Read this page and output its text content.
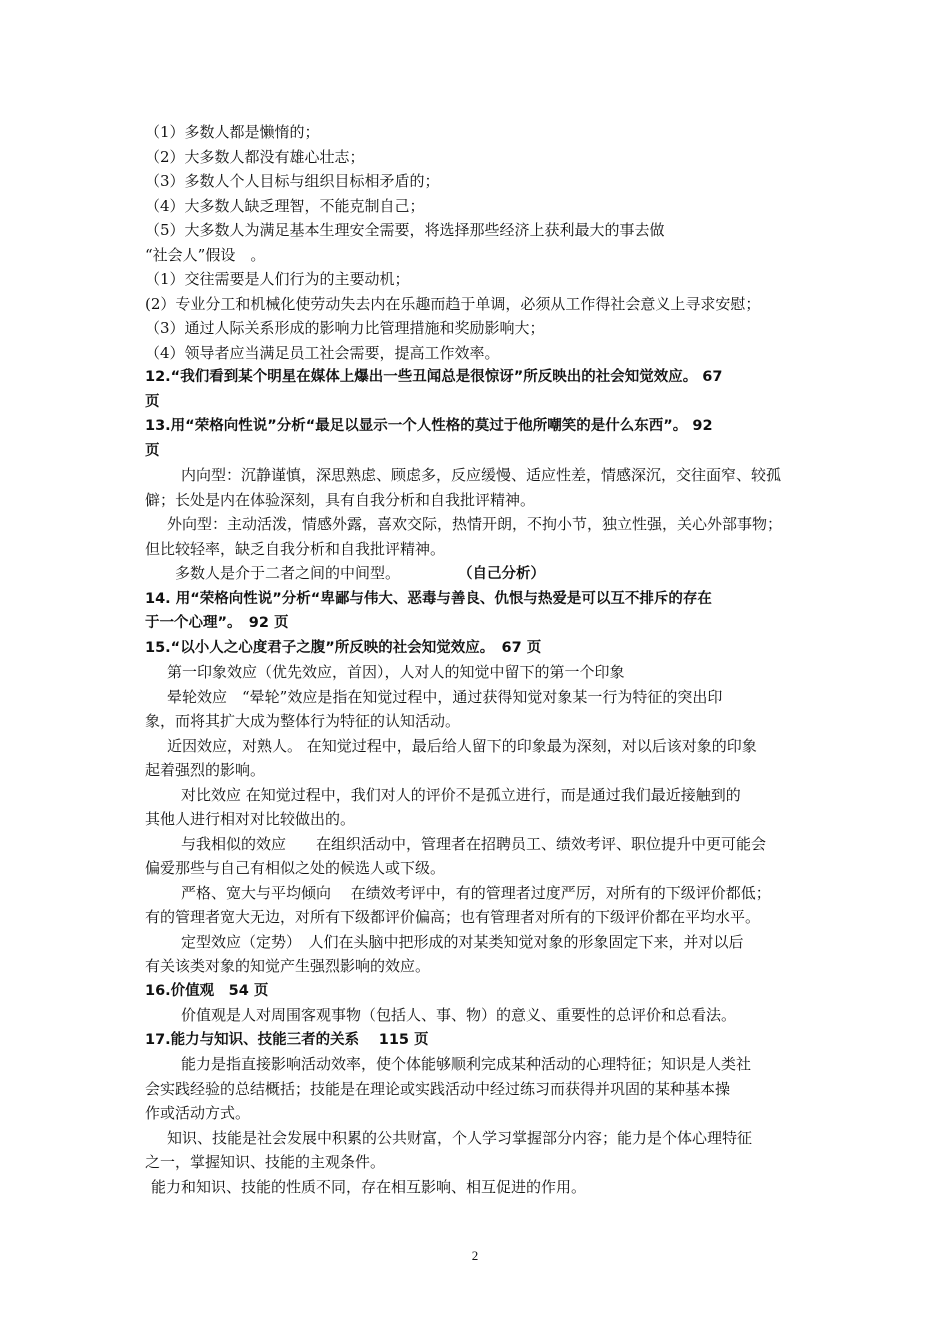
（1）多数人都是懒惰的；

（2）大多数人都没有雄心壮志；

（3）多数人个人目标与组织目标相矛盾的；

（4）大多数人缺乏理智，不能克制自己；

（5）大多数人为满足基本生理安全需要，将选择那些经济上获利最大的事去做

“社会人”假设　。

（1）交往需要是人们行为的主要动机；

(2）专业分工和机械化使劳动失去内在乐趣而趋于单调，必须从工作得社会意义上寻求安慰；

（3）通过人际关系形成的影响力比管理措施和奖励影响大；

（4）领导者应当满足员工社会需要，提高工作效率。

12.“我们看到某个明星在媒体上爆出一些丑闻总是很惊讶”所反映出的社会知觉效应。 67

页

13.用“荣格向性说”分析“最足以显示一个人性格的莫过于他所嘲笑的是什么东西”。 92

页

内向型：沉静谨慎，深思熟虑、顾虑多，反应缓慢、适应性差，情感深沉，交往面窄、较孤

僻；长处是内在体验深刻，具有自我分析和自我批评精神。

外向型：主动活泼，情感外露，喜欢交际，热情开朗，不拘小节，独立性强，关心外部事物；

但比较轻率，缺乏自我分析和自我批评精神。

多数人是介于二者之间的中间型。	（自己分析）

14. 用“荣格向性说”分析“卑鄙与伟大、恶毒与善良、仇恨与热爱是可以互不排斥的存在

于一个心理”。　92 页

15.“以小人之心度君子之腹”所反映的社会知觉效应。　67 页

第一印象效应（优先效应，首因），人对人的知觉中留下的第一个印象

晕轮效应　“晕轮”效应是指在知觉过程中，通过获得知觉对象某一行为特征的突出印

象，而将其扩大成为整体行为特征的认知活动。

近因效应，对熟人。 在知觉过程中，最后给人留下的印象最为深刻，对以后该对象的印象

起着强烈的影响。

对比效应 在知觉过程中，我们对人的评价不是孤立进行，而是通过我们最近接触到的

其他人进行相对对比较做出的。

与我相似的效应　　在组织活动中，管理者在招聘员工、绩效考评、职位提升中更可能会

偏爱那些与自己有相似之处的候选人或下级。

严格、宽大与平均倾向　 在绩效考评中，有的管理者过度严厉，对所有的下级评价都低；

有的管理者宽大无边，对所有下级都评价偏高；也有管理者对所有的下级评价都在平均水平。

定型效应（定势）　人们在头脑中把形成的对某类知觉对象的形象固定下来，并对以后

有关该类对象的知觉产生强烈影响的效应。

16.价值观　54 页

价值观是人对周围客观事物（包括人、事、物）的意义、重要性的总评价和总看法。

17.能力与知识、技能三者的关系　 115 页

能力是指直接影响活动效率，使个体能够顺利完成某种活动的心理特征；知识是人类社

会实践经验的总结概括；技能是在理论或实践活动中经过练习而获得并巩固的某种基本操

作或活动方式。

知识、技能是社会发展中积累的公共财富，个人学习掌握部分内容；能力是个体心理特征

之一，掌握知识、技能的主观条件。

能力和知识、技能的性质不同，存在相互影响、相互促进的作用。

2
